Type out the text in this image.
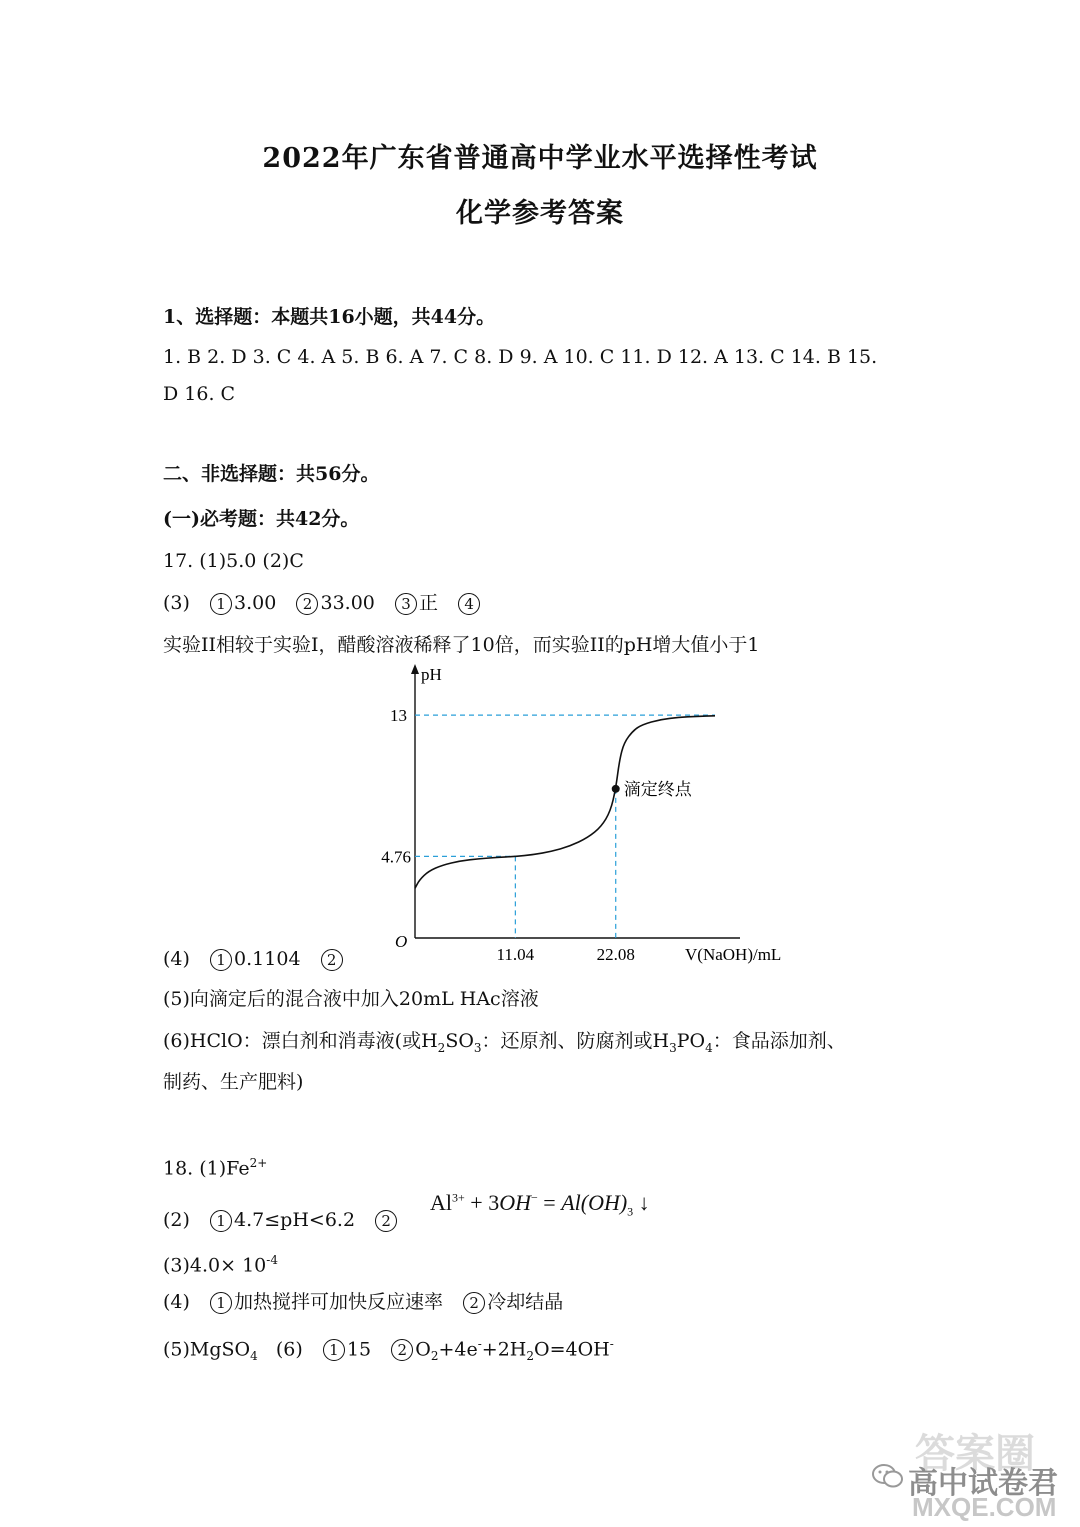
2022年广东省普通高中学业水平选择性考试
化学参考答案
1、选择题：本题共16小题，共44分。
1. B 2. D 3. C 4. A 5. B 6. A 7. C 8. D 9. A 10. C 11. D 12. A 13. C 14. B 15.
D 16. C
二、非选择题：共56分。
(一)必考题：共42分。
17. (1)5.0 (2)C
(3) 1 3.00 2 33.00 3 正 4
实验II相较于实验I，醋酸溶液稀释了10倍，而实验II的pH增大值小于1
pH
V(NaOH)/mL
O
13
4.76
11.04	22.08
滴定终点
(4) 1 0.1104 2
(5)向滴定后的混合液中加入20mL HAc溶液
(6)HClO：漂白剂和消毒液(或$H_2SO_3$：还原剂、防腐剂或$H_3PO_4$：食品添加剂、
制药、生产肥料)
18. $(1)Fe^{2+}$
(2) 1 4.7≤pH<6.2 2
$Al^{3+} + 3OH^- = Al(OH)_3$ ↓
$(3)4.0\times 10^{-4}$
(4) 1 加热搅拌可加快反应速率 2 冷却结晶
(5)MgSO$_4$ (6) 1 15 2 $O_2+4e^-+2H_2O=4OH^-$
答案圈
高中试卷君
MXQE.COM
